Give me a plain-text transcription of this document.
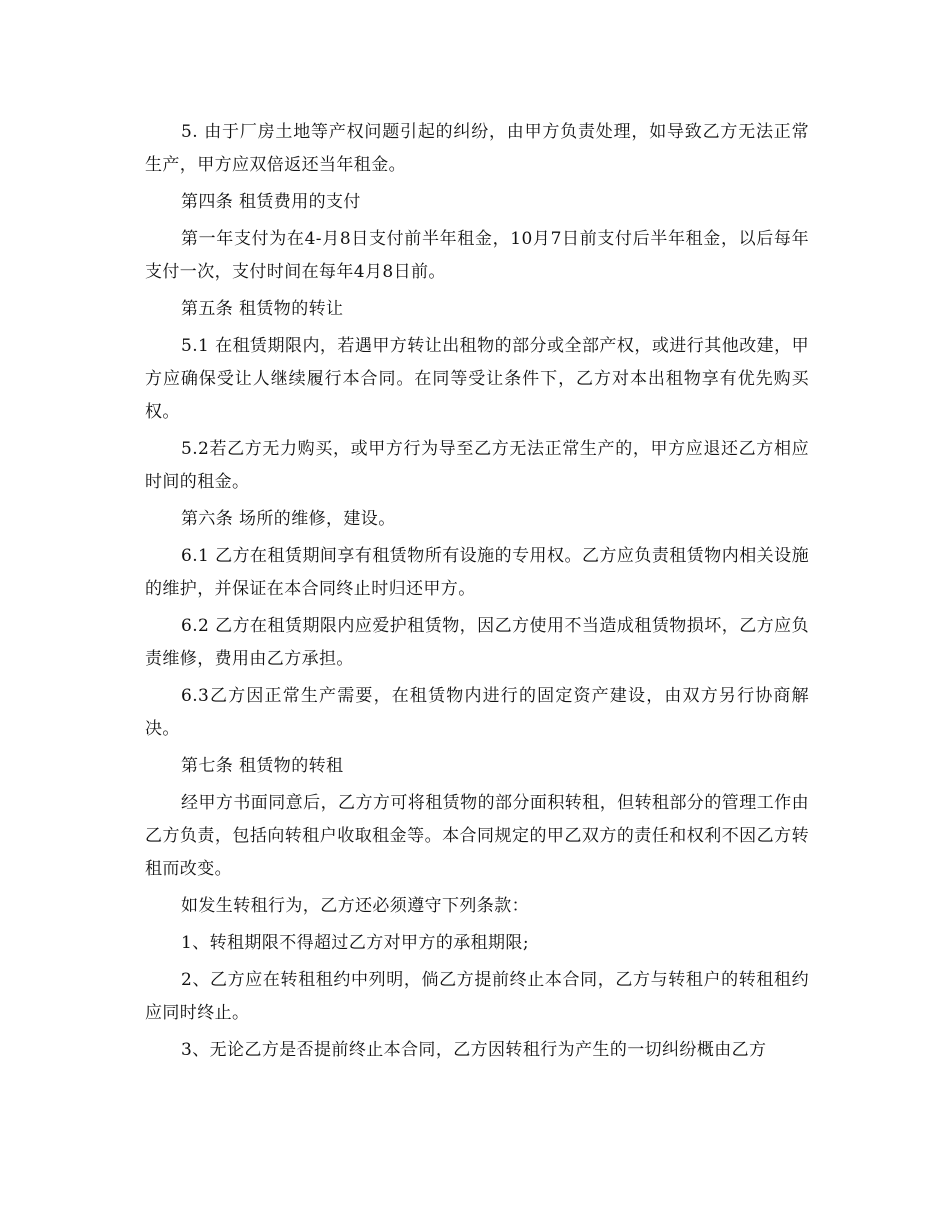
5. 由于厂房土地等产权问题引起的纠纷，由甲方负责处理，如导致乙方无法正常生产，甲方应双倍返还当年租金。

第四条 租赁费用的支付

第一年支付为在4-月8日支付前半年租金，10月7日前支付后半年租金，以后每年支付一次，支付时间在每年4月8日前。

第五条 租赁物的转让

5.1 在租赁期限内，若遇甲方转让出租物的部分或全部产权，或进行其他改建，甲方应确保受让人继续履行本合同。在同等受让条件下，乙方对本出租物享有优先购买权。

5.2若乙方无力购买，或甲方行为导至乙方无法正常生产的，甲方应退还乙方相应时间的租金。

第六条 场所的维修，建设。

6.1 乙方在租赁期间享有租赁物所有设施的专用权。乙方应负责租赁物内相关设施的维护，并保证在本合同终止时归还甲方。

6.2 乙方在租赁期限内应爱护租赁物，因乙方使用不当造成租赁物损坏，乙方应负责维修，费用由乙方承担。

6.3乙方因正常生产需要，在租赁物内进行的固定资产建设，由双方另行协商解决。

第七条 租赁物的转租

经甲方书面同意后，乙方方可将租赁物的部分面积转租，但转租部分的管理工作由乙方负责，包括向转租户收取租金等。本合同规定的甲乙双方的责任和权利不因乙方转租而改变。

如发生转租行为，乙方还必须遵守下列条款：

1、转租期限不得超过乙方对甲方的承租期限;

2、乙方应在转租租约中列明，倘乙方提前终止本合同，乙方与转租户的转租租约应同时终止。

3、无论乙方是否提前终止本合同，乙方因转租行为产生的一切纠纷概由乙方
